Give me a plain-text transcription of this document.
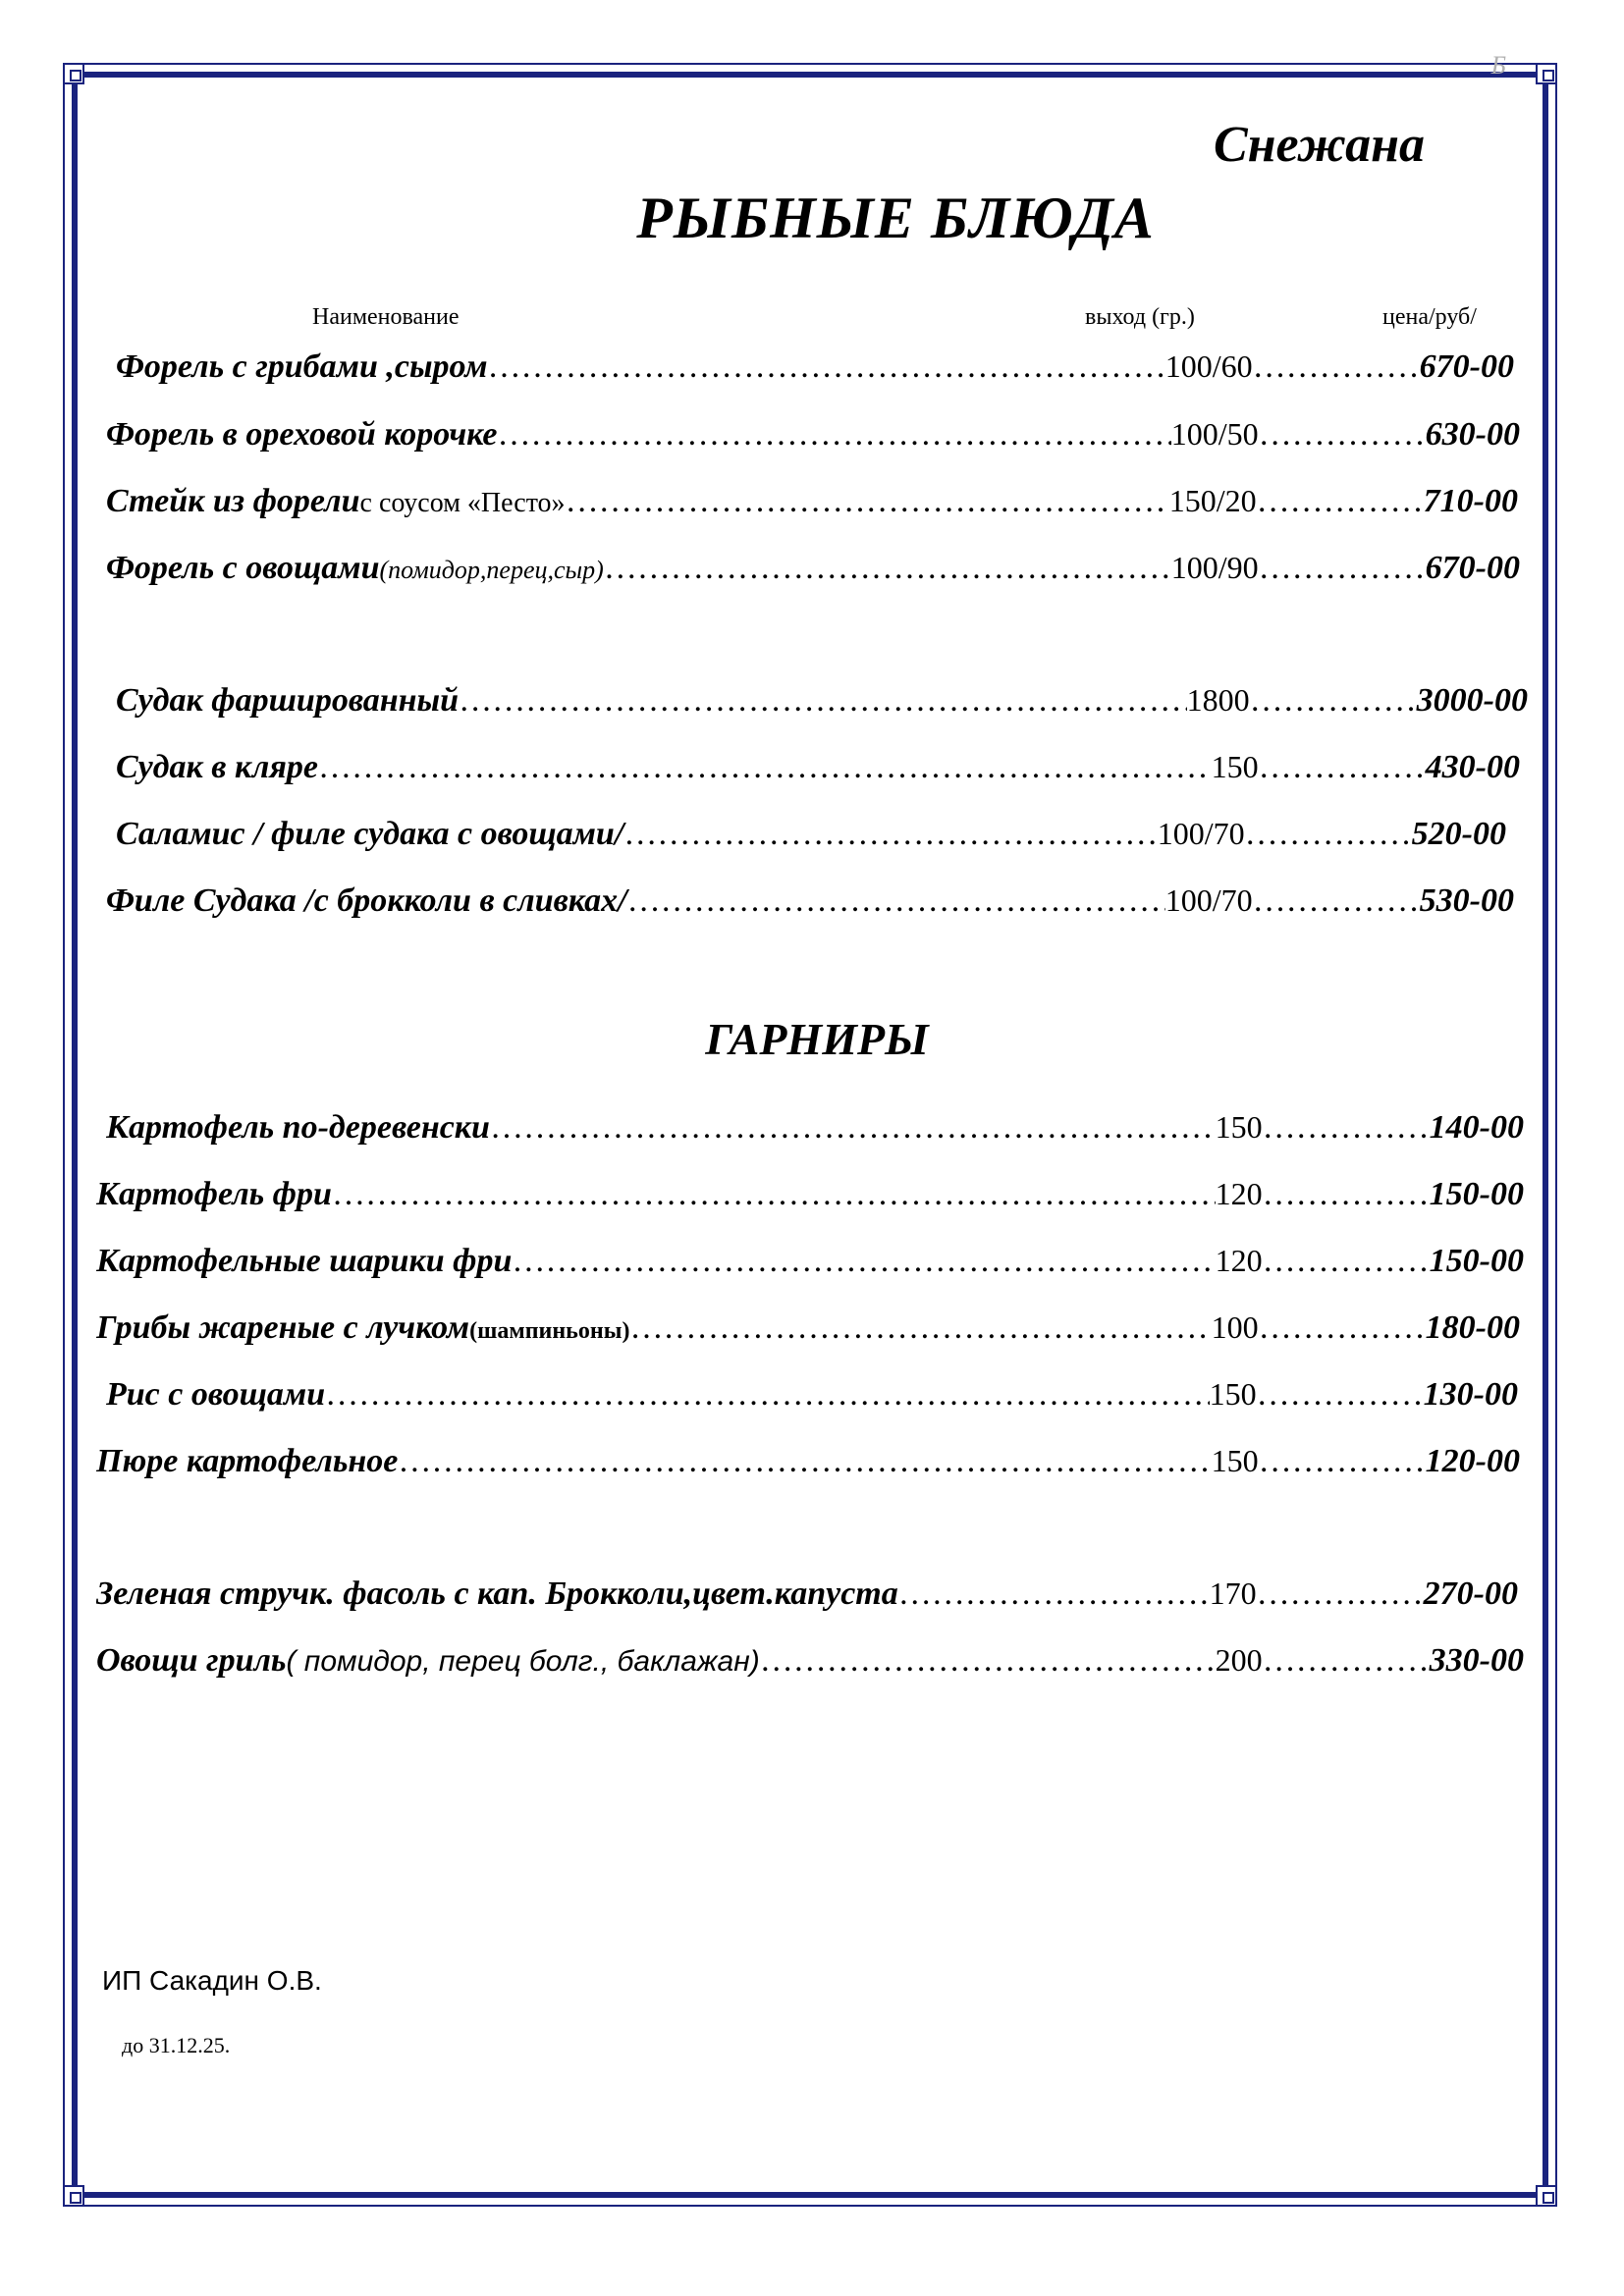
Б
Снежана
РЫБНЫЕ БЛЮДА
Наименование	выход (гр.)	цена/руб/
Форель с грибами ,сыром ………………………………………………………………………………………………………………………………………………………………………………………………	100/60 ………………………………………………………………………………………………………………………………………………………………………………………………	670-00
Форель в ореховой корочке ………………………………………………………………………………………………………………………………………………………………………………………………	100/50 ………………………………………………………………………………………………………………………………………………………………………………………………	630-00
Стейк из форели с соусом «Песто» ………………………………………………………………………………………………………………………………………………………………………………………………	150/20 ………………………………………………………………………………………………………………………………………………………………………………………………	710-00
Форель с овощами (помидор,перец,сыр) ………………………………………………………………………………………………………………………………………………………………………………………………	100/90 ………………………………………………………………………………………………………………………………………………………………………………………………	670-00
Судак фаршированный ………………………………………………………………………………………………………………………………………………………………………………………………	1800 ………………………………………………………………………………………………………………………………………………………………………………………………	3000-00
Судак в кляре ………………………………………………………………………………………………………………………………………………………………………………………………	150 ………………………………………………………………………………………………………………………………………………………………………………………………	430-00
Саламис / филе судака с овощами/ ………………………………………………………………………………………………………………………………………………………………………………………………	100/70 ………………………………………………………………………………………………………………………………………………………………………………………………	520-00
Филе Судака /с брокколи в сливках/ ………………………………………………………………………………………………………………………………………………………………………………………………	100/70 ………………………………………………………………………………………………………………………………………………………………………………………………	530-00
ГАРНИРЫ
Картофель по-деревенски ………………………………………………………………………………………………………………………………………………………………………………………………	150 ………………………………………………………………………………………………………………………………………………………………………………………………	140-00
Картофель фри ………………………………………………………………………………………………………………………………………………………………………………………………	120 ………………………………………………………………………………………………………………………………………………………………………………………………	150-00
Картофельные шарики фри ………………………………………………………………………………………………………………………………………………………………………………………………	120 ………………………………………………………………………………………………………………………………………………………………………………………………	150-00
Грибы жареные с лучком (шампиньоны) ………………………………………………………………………………………………………………………………………………………………………………………………	100 ………………………………………………………………………………………………………………………………………………………………………………………………	180-00
Рис с овощами ………………………………………………………………………………………………………………………………………………………………………………………………	150 ………………………………………………………………………………………………………………………………………………………………………………………………	130-00
Пюре картофельное ………………………………………………………………………………………………………………………………………………………………………………………………	150 ………………………………………………………………………………………………………………………………………………………………………………………………	120-00
Зеленая стручк. фасоль с кап. Брокколи,цвет.капуста ………………………………………………………………………………………………………………………………………………………………………………………………	170 ………………………………………………………………………………………………………………………………………………………………………………………………	270-00
Овощи гриль ( помидор, перец болг., баклажан) ………………………………………………………………………………………………………………………………………………………………………………………………	200 ………………………………………………………………………………………………………………………………………………………………………………………………	330-00
ИП Сакадин О.В.
до 31.12.25.
